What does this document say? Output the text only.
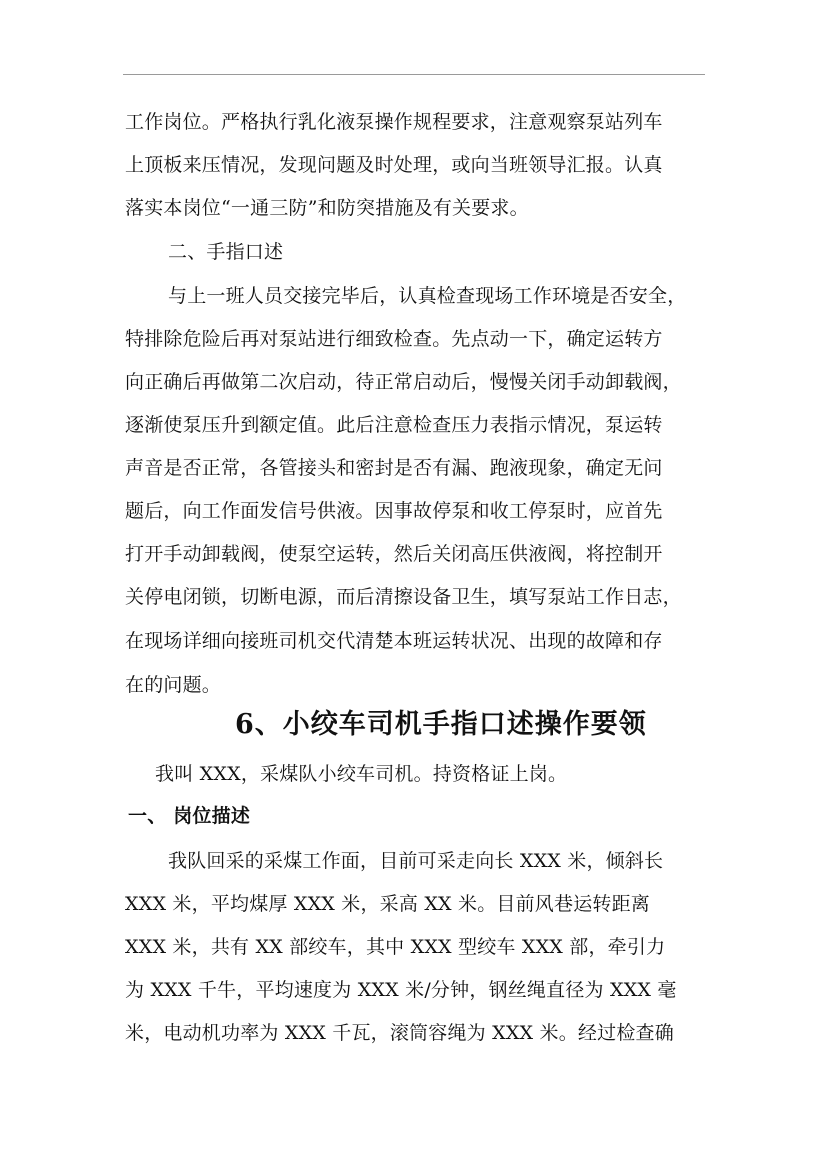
工作岗位。严格执行乳化液泵操作规程要求，注意观察泵站列车
上顶板来压情况，发现问题及时处理，或向当班领导汇报。认真
落实本岗位“一通三防”和防突措施及有关要求。
二、手指口述
与上一班人员交接完毕后，认真检查现场工作环境是否安全，
特排除危险后再对泵站进行细致检查。先点动一下，确定运转方
向正确后再做第二次启动，待正常启动后，慢慢关闭手动卸载阀，
逐渐使泵压升到额定值。此后注意检查压力表指示情况，泵运转
声音是否正常，各管接头和密封是否有漏、跑液现象，确定无问
题后，向工作面发信号供液。因事故停泵和收工停泵时，应首先
打开手动卸载阀，使泵空运转，然后关闭高压供液阀，将控制开
关停电闭锁，切断电源，而后清擦设备卫生，填写泵站工作日志，
在现场详细向接班司机交代清楚本班运转状况、出现的故障和存
在的问题。
6、小绞车司机手指口述操作要领
我叫 XXX，采煤队小绞车司机。持资格证上岗。
一、 岗位描述
我队回采的采煤工作面，目前可采走向长 XXX 米，倾斜长
XXX 米，平均煤厚 XXX 米，采高 XX 米。目前风巷运转距离
XXX 米，共有 XX 部绞车，其中 XXX 型绞车 XXX 部，牵引力
为 XXX 千牛，平均速度为 XXX 米/分钟，钢丝绳直径为 XXX 毫
米，电动机功率为 XXX 千瓦，滚筒容绳为 XXX 米。经过检查确
